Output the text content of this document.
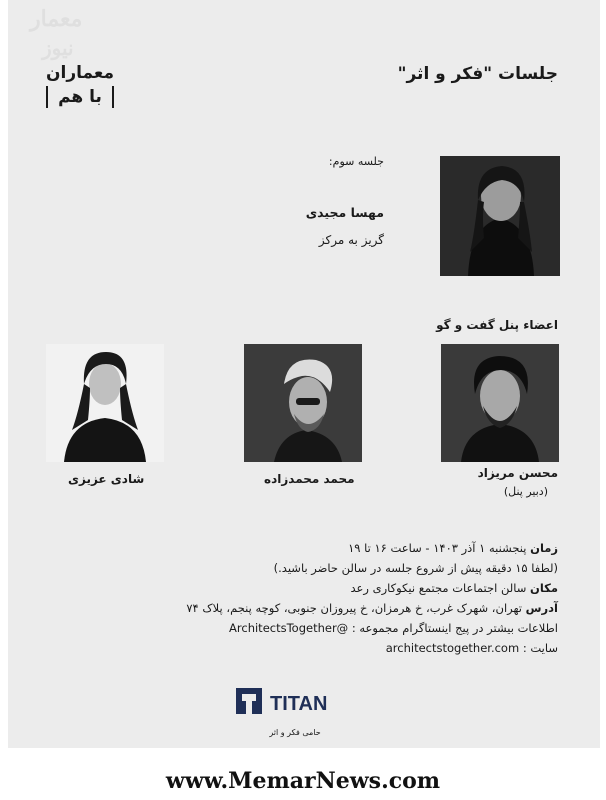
معمار
نیوز
معماران
با هم
جلسات "فکر و اثر"
جلسه سوم:
مهسا مجیدی
گریز به مرکز
اعضاء پنل گفت و گو
محسن مریزاد
(دبیر پنل)
محمد محمدزاده
شادی عزیزی
زمان پنجشنبه ۱ آذر ۱۴۰۳ - ساعت ۱۶ تا ۱۹
(لطفا ۱۵ دقیقه پیش از شروع جلسه در سالن حاضر باشید.)
مکان سالن اجتماعات مجتمع نیکوکاری رعد
آدرس تهران، شهرک غرب، خ هرمزان، خ پیروزان جنوبی، کوچه پنجم، پلاک ۷۴
اطلاعات بیشتر در پیج اینستاگرام مجموعه : @ArchitectsTogether
سایت : architectstogether.com
TITAN
حامی فکر و اثر
www.MemarNews.com
